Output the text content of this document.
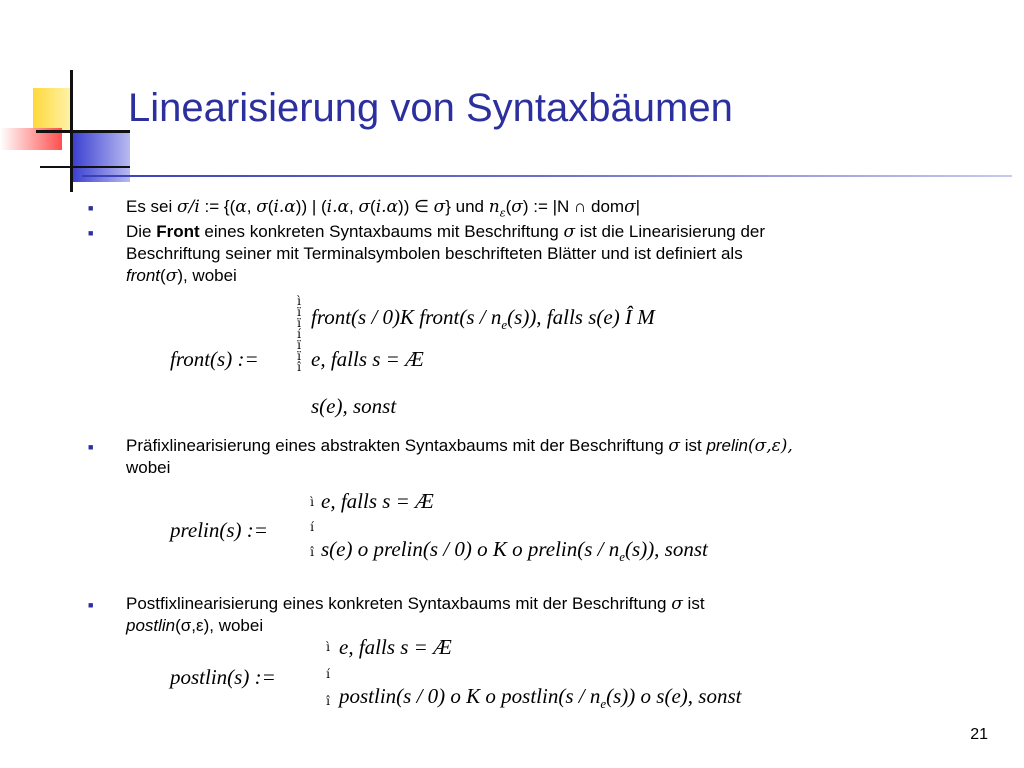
Linearisierung von Syntaxbäumen
■ Es sei σ/i := {(α, σ(i.α)) | (i.α, σ(i.α)) ∈ σ} und $n_\varepsilon(\sigma)$ := |N ∩ domσ|
■ Die Front eines konkreten Syntaxbaums mit Beschriftung σ ist die Linearisierung der
Beschriftung seiner mit Terminalsymbolen beschrifteten Blätter und ist definiert als
front(σ), wobei
front(s) :=
ì
ï
ï
í
ï
ï
î
front(s / 0)K front(s / $n_e(s)$), falls s(e) Î M
e, falls s = Æ
s(e), sonst
■ Präfixlinearisierung eines abstrakten Syntaxbaums mit der Beschriftung σ ist prelin(σ,ε),
wobei
prelin(s) :=
ì
í
î
e, falls s = Æ
s(e) o prelin(s / 0) o K o prelin(s / $n_e(s)$), sonst
■ Postfixlinearisierung eines konkreten Syntaxbaums mit der Beschriftung σ ist
postlin(σ,ε), wobei
postlin(s) :=
ì
í
î
e, falls s = Æ
postlin(s / 0) o K o postlin(s / $n_e(s)$) o s(e), sonst
21
